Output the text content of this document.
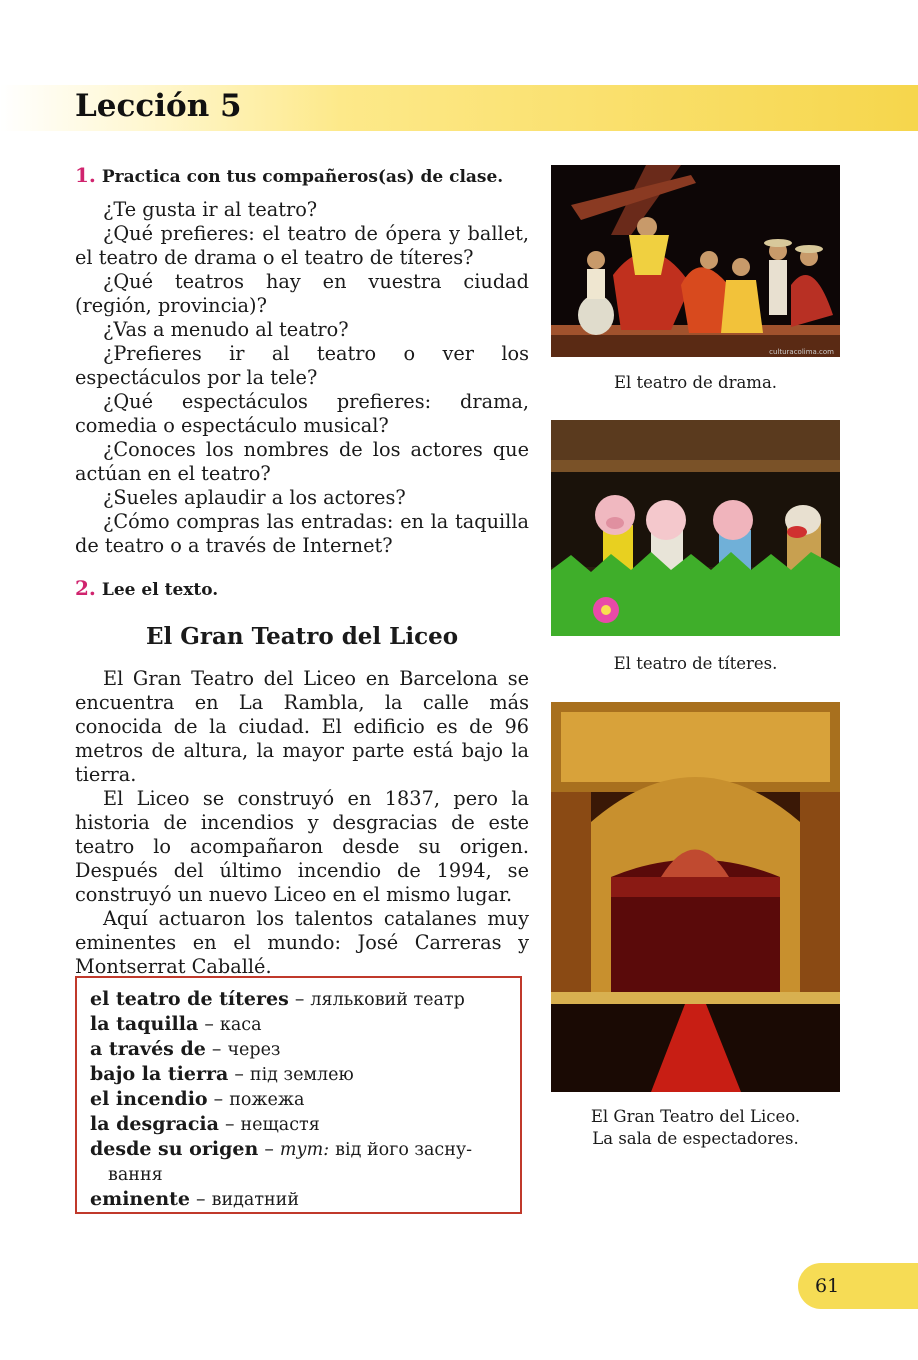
Lección 5
1. Practica con tus compañeros(as) de clase.

¿Te gusta ir al teatro?

¿Qué prefieres: el teatro de ópera y ballet, el teatro de drama o el teatro de títeres?

¿Qué teatros hay en vuestra ciudad (región, provincia)?

¿Vas a menudo al teatro?

¿Prefieres ir al teatro o ver los espectáculos por la tele?

¿Qué espectáculos prefieres: drama, comedia o espectáculo musical?

¿Conoces los nombres de los actores que actúan en el teatro?

¿Sueles aplaudir a los actores?

¿Cómo compras las entradas: en la taquilla de teatro o a través de Internet?

2. Lee el texto.
El Gran Teatro del Liceo

El Gran Teatro del Liceo en Barcelona se encuentra en La Rambla, la calle más conocida de la ciudad. El edificio es de 96 metros de altura, la mayor parte está bajo la tierra.

El Liceo se construyó en 1837, pero la historia de incendios y desgracias de este teatro lo acompañaron desde su origen. Después del último incendio de 1994, se construyó un nuevo Liceo en el mismo lugar.

Aquí actuaron los talentos catalanes muy eminentes en el mundo: José Carreras y Montserrat Caballé.

el teatro de títeres – ляльковий театр
la taquilla – каса
a través de – через
bajo la tierra – під землею
el incendio – пожежа
la desgracia – нещастя
desde su origen – тут: від його засну-
вання
eminente – видатний
culturacolima.com
El teatro de drama.
El teatro de títeres.
El Gran Teatro del Liceo.
La sala de espectadores.
61
